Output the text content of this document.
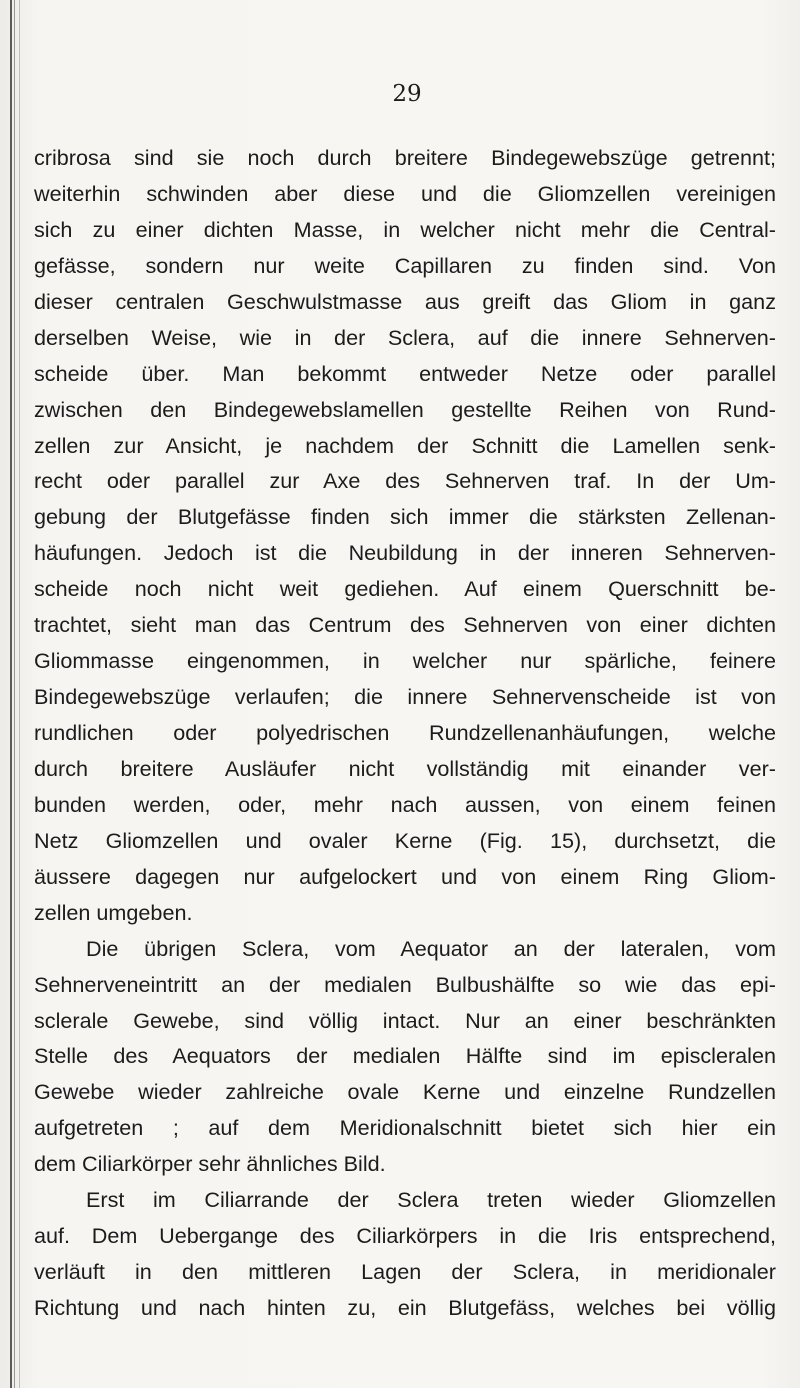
29
cribrosa sind sie noch durch breitere Bindegewebszüge getrennt;
weiterhin schwinden aber diese und die Gliomzellen vereinigen
sich zu einer dichten Masse, in welcher nicht mehr die Central-
gefässe, sondern nur weite Capillaren zu finden sind. Von
dieser centralen Geschwulstmasse aus greift das Gliom in ganz
derselben Weise, wie in der Sclera, auf die innere Sehnerven-
scheide über. Man bekommt entweder Netze oder parallel
zwischen den Bindegewebslamellen gestellte Reihen von Rund-
zellen zur Ansicht, je nachdem der Schnitt die Lamellen senk-
recht oder parallel zur Axe des Sehnerven traf. In der Um-
gebung der Blutgefässe finden sich immer die stärksten Zellenan-
häufungen. Jedoch ist die Neubildung in der inneren Sehnerven-
scheide noch nicht weit gediehen. Auf einem Querschnitt be-
trachtet, sieht man das Centrum des Sehnerven von einer dichten
Gliommasse eingenommen, in welcher nur spärliche, feinere
Bindegewebszüge verlaufen; die innere Sehnervenscheide ist von
rundlichen oder polyedrischen Rundzellenanhäufungen, welche
durch breitere Ausläufer nicht vollständig mit einander ver-
bunden werden, oder, mehr nach aussen, von einem feinen
Netz Gliomzellen und ovaler Kerne (Fig. 15), durchsetzt, die
äussere dagegen nur aufgelockert und von einem Ring Gliom-
zellen umgeben.
Die übrigen Sclera, vom Aequator an der lateralen, vom
Sehnerveneintritt an der medialen Bulbushälfte so wie das epi-
sclerale Gewebe, sind völlig intact. Nur an einer beschränkten
Stelle des Aequators der medialen Hälfte sind im episcleralen
Gewebe wieder zahlreiche ovale Kerne und einzelne Rundzellen
aufgetreten ; auf dem Meridionalschnitt bietet sich hier ein
dem Ciliarkörper sehr ähnliches Bild.
Erst im Ciliarrande der Sclera treten wieder Gliomzellen
auf. Dem Uebergange des Ciliarkörpers in die Iris entsprechend,
verläuft in den mittleren Lagen der Sclera, in meridionaler
Richtung und nach hinten zu, ein Blutgefäss, welches bei völlig
